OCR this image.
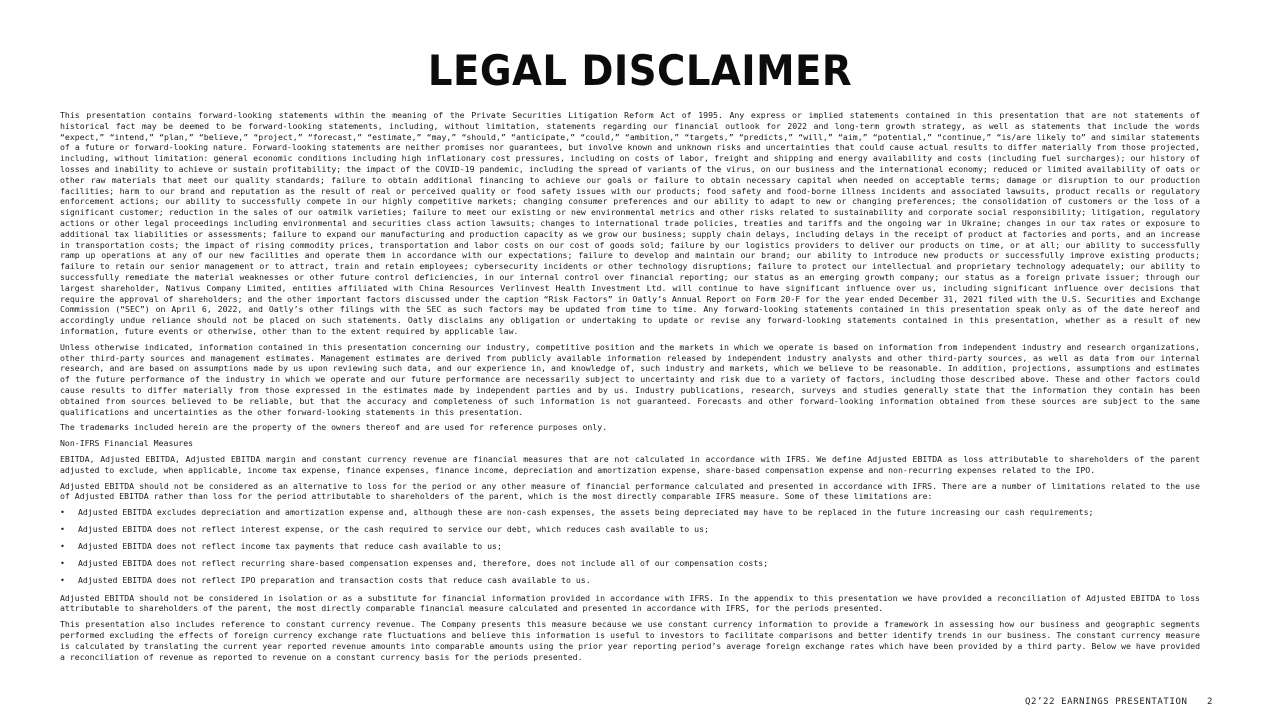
LEGAL DISCLAIMER

This presentation contains forward-looking statements within the meaning of the Private Securities Litigation Reform Act of 1995. Any express or implied statements contained in this presentation that are not statements of historical fact may be deemed to be forward-looking statements, including, without limitation, statements regarding our financial outlook for 2022 and long-term growth strategy, as well as statements that include the words “expect,” “intend,” “plan,” “believe,” “project,” “forecast,” “estimate,” “may,” “should,” “anticipate,” “could,” “ambition,” “targets,” “predicts,” “will,” “aim,” “potential,” “continue,” “is/are likely to” and similar statements of a future or forward-looking nature. Forward-looking statements are neither promises nor guarantees, but involve known and unknown risks and uncertainties that could cause actual results to differ materially from those projected, including, without limitation: general economic conditions including high inflationary cost pressures, including on costs of labor, freight and shipping and energy availability and costs (including fuel surcharges); our history of losses and inability to achieve or sustain profitability; the impact of the COVID-19 pandemic, including the spread of variants of the virus, on our business and the international economy; reduced or limited availability of oats or other raw materials that meet our quality standards; failure to obtain additional financing to achieve our goals or failure to obtain necessary capital when needed on acceptable terms; damage or disruption to our production facilities; harm to our brand and reputation as the result of real or perceived quality or food safety issues with our products; food safety and food-borne illness incidents and associated lawsuits, product recalls or regulatory enforcement actions; our ability to successfully compete in our highly competitive markets; changing consumer preferences and our ability to adapt to new or changing preferences; the consolidation of customers or the loss of a significant customer; reduction in the sales of our oatmilk varieties; failure to meet our existing or new environmental metrics and other risks related to sustainability and corporate social responsibility; litigation, regulatory actions or other legal proceedings including environmental and securities class action lawsuits; changes to international trade policies, treaties and tariffs and the ongoing war in Ukraine; changes in our tax rates or exposure to additional tax liabilities or assessments; failure to expand our manufacturing and production capacity as we grow our business; supply chain delays, including delays in the receipt of product at factories and ports, and an increase in transportation costs; the impact of rising commodity prices, transportation and labor costs on our cost of goods sold; failure by our logistics providers to deliver our products on time, or at all; our ability to successfully ramp up operations at any of our new facilities and operate them in accordance with our expectations; failure to develop and maintain our brand; our ability to introduce new products or successfully improve existing products; failure to retain our senior management or to attract, train and retain employees; cybersecurity incidents or other technology disruptions; failure to protect our intellectual and proprietary technology adequately; our ability to successfully remediate the material weaknesses or other future control deficiencies, in our internal control over financial reporting; our status as an emerging growth company; our status as a foreign private issuer; through our largest shareholder, Nativus Company Limited, entities affiliated with China Resources Verlinvest Health Investment Ltd. will continue to have significant influence over us, including significant influence over decisions that require the approval of shareholders; and the other important factors discussed under the caption “Risk Factors” in Oatly’s Annual Report on Form 20-F for the year ended December 31, 2021 filed with the U.S. Securities and Exchange Commission (“SEC”) on April 6, 2022, and Oatly’s other filings with the SEC as such factors may be updated from time to time. Any forward-looking statements contained in this presentation speak only as of the date hereof and accordingly undue reliance should not be placed on such statements. Oatly disclaims any obligation or undertaking to update or revise any forward-looking statements contained in this presentation, whether as a result of new information, future events or otherwise, other than to the extent required by applicable law.

Unless otherwise indicated, information contained in this presentation concerning our industry, competitive position and the markets in which we operate is based on information from independent industry and research organizations, other third-party sources and management estimates. Management estimates are derived from publicly available information released by independent industry analysts and other third-party sources, as well as data from our internal research, and are based on assumptions made by us upon reviewing such data, and our experience in, and knowledge of, such industry and markets, which we believe to be reasonable. In addition, projections, assumptions and estimates of the future performance of the industry in which we operate and our future performance are necessarily subject to uncertainty and risk due to a variety of factors, including those described above. These and other factors could cause results to differ materially from those expressed in the estimates made by independent parties and by us. Industry publications, research, surveys and studies generally state that the information they contain has been obtained from sources believed to be reliable, but that the accuracy and completeness of such information is not guaranteed. Forecasts and other forward-looking information obtained from these sources are subject to the same qualifications and uncertainties as the other forward-looking statements in this presentation.

The trademarks included herein are the property of the owners thereof and are used for reference purposes only.

Non-IFRS Financial Measures

EBITDA, Adjusted EBITDA, Adjusted EBITDA margin and constant currency revenue are financial measures that are not calculated in accordance with IFRS. We define Adjusted EBITDA as loss attributable to shareholders of the parent adjusted to exclude, when applicable, income tax expense, finance expenses, finance income, depreciation and amortization expense, share-based compensation expense and non-recurring expenses related to the IPO.

Adjusted EBITDA should not be considered as an alternative to loss for the period or any other measure of financial performance calculated and presented in accordance with IFRS. There are a number of limitations related to the use of Adjusted EBITDA rather than loss for the period attributable to shareholders of the parent, which is the most directly comparable IFRS measure. Some of these limitations are:

• Adjusted EBITDA excludes depreciation and amortization expense and, although these are non-cash expenses, the assets being depreciated may have to be replaced in the future increasing our cash requirements;
• Adjusted EBITDA does not reflect interest expense, or the cash required to service our debt, which reduces cash available to us;
• Adjusted EBITDA does not reflect income tax payments that reduce cash available to us;
• Adjusted EBITDA does not reflect recurring share-based compensation expenses and, therefore, does not include all of our compensation costs;
• Adjusted EBITDA does not reflect IPO preparation and transaction costs that reduce cash available to us.

Adjusted EBITDA should not be considered in isolation or as a substitute for financial information provided in accordance with IFRS. In the appendix to this presentation we have provided a reconciliation of Adjusted EBITDA to loss attributable to shareholders of the parent, the most directly comparable financial measure calculated and presented in accordance with IFRS, for the periods presented.

This presentation also includes reference to constant currency revenue. The Company presents this measure because we use constant currency information to provide a framework in assessing how our business and geographic segments performed excluding the effects of foreign currency exchange rate fluctuations and believe this information is useful to investors to facilitate comparisons and better identify trends in our business. The constant currency measure is calculated by translating the current year reported revenue amounts into comparable amounts using the prior year reporting period’s average foreign exchange rates which have been provided by a third party. Below we have provided a reconciliation of revenue as reported to revenue on a constant currency basis for the periods presented.

Q2’22 EARNINGS PRESENTATION 2
